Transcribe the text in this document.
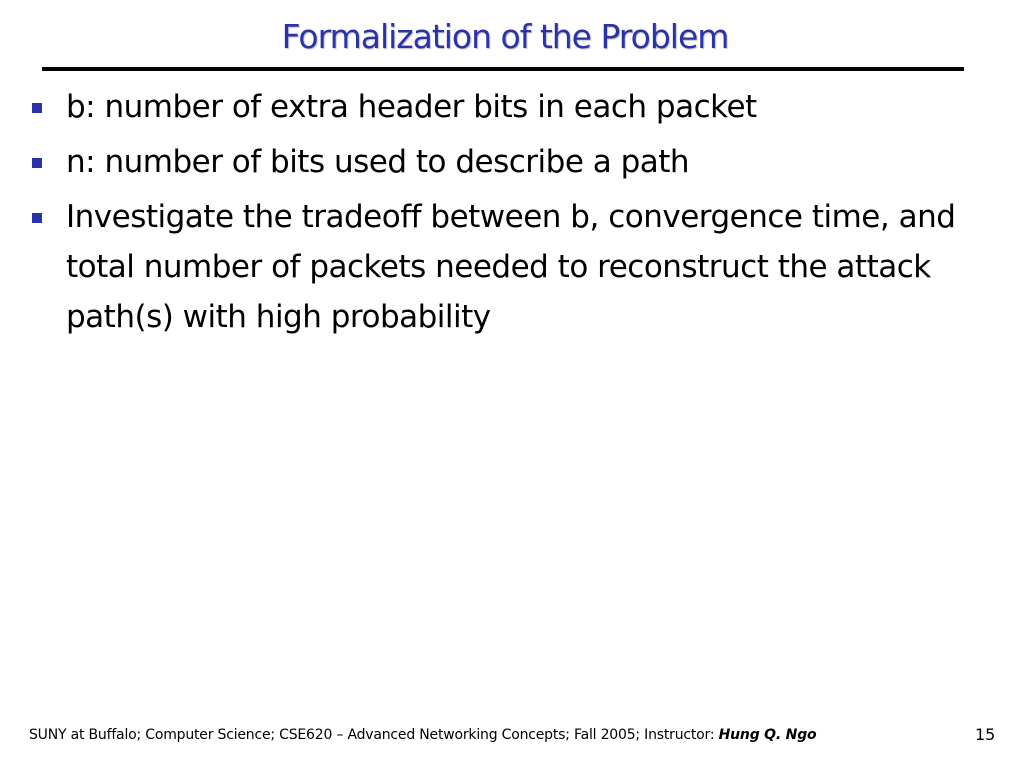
Formalization of the Problem
b: number of extra header bits in each packet
n: number of bits used to describe a path
Investigate the tradeoff between b, convergence time, and total number of packets needed to reconstruct the attack path(s) with high probability
SUNY at Buffalo; Computer Science; CSE620 – Advanced Networking Concepts; Fall 2005; Instructor: Hung Q. Ngo	15
